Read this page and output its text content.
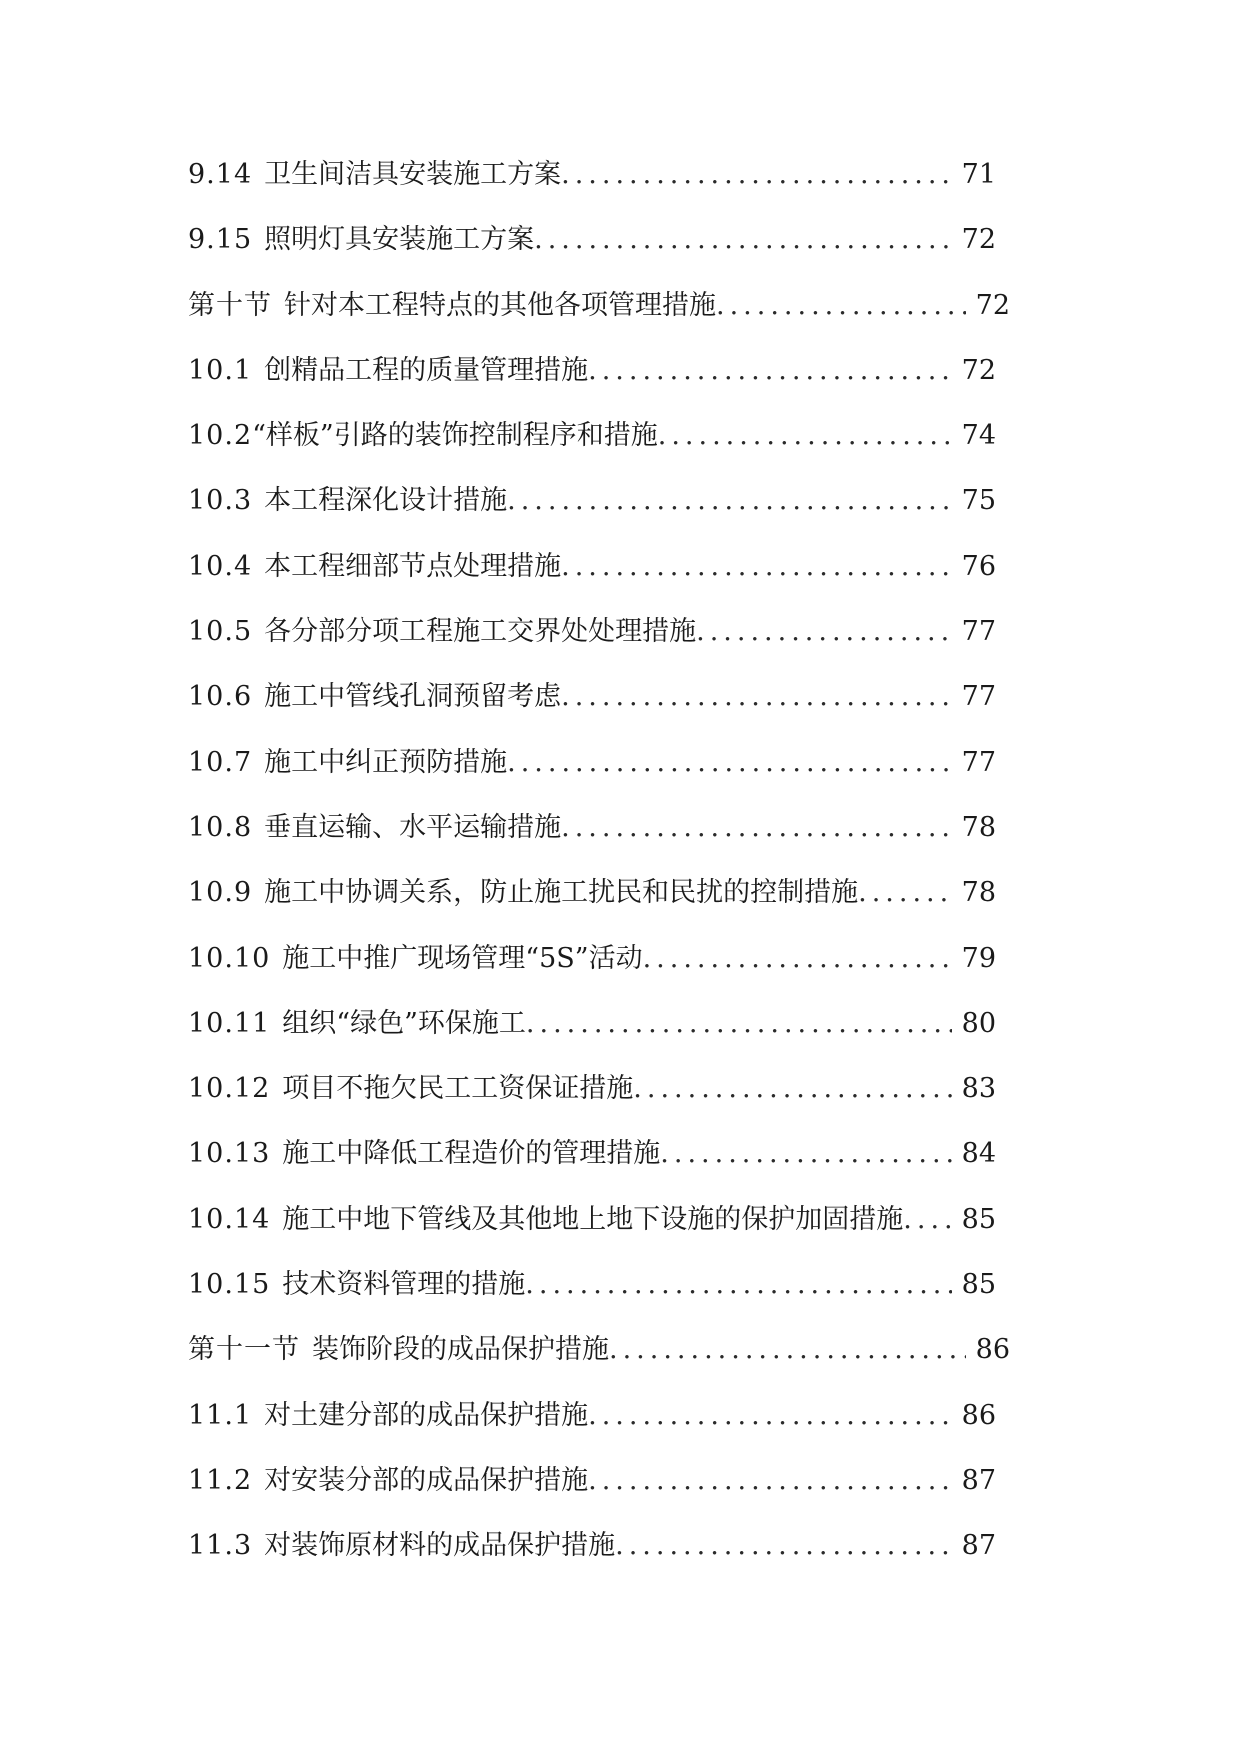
9.14 卫生间洁具安装施工方案 .....	71
9.15 照明灯具安装施工方案 .....	72
第十节 针对本工程特点的其他各项管理措施 .....	72
10.1 创精品工程的质量管理措施 .....	72
10.2 “样板”引路的装饰控制程序和措施 .....	74
10.3 本工程深化设计措施 .....	75
10.4 本工程细部节点处理措施 .....	76
10.5 各分部分项工程施工交界处处理措施 .....	77
10.6 施工中管线孔洞预留考虑 .....	77
10.7 施工中纠正预防措施 .....	77
10.8 垂直运输、水平运输措施 .....	78
10.9 施工中协调关系，防止施工扰民和民扰的控制措施 .....	78
10.10 施工中推广现场管理“5S”活动 .....	79
10.11 组织“绿色”环保施工 .....	80
10.12 项目不拖欠民工工资保证措施 .....	83
10.13 施工中降低工程造价的管理措施 .....	84
10.14 施工中地下管线及其他地上地下设施的保护加固措施 ..... 85
10.15 技术资料管理的措施 .....	85
第十一节 装饰阶段的成品保护措施 .....	86
11.1 对土建分部的成品保护措施 .....	86
11.2 对安装分部的成品保护措施 .....	87
11.3 对装饰原材料的成品保护措施 .....	87
